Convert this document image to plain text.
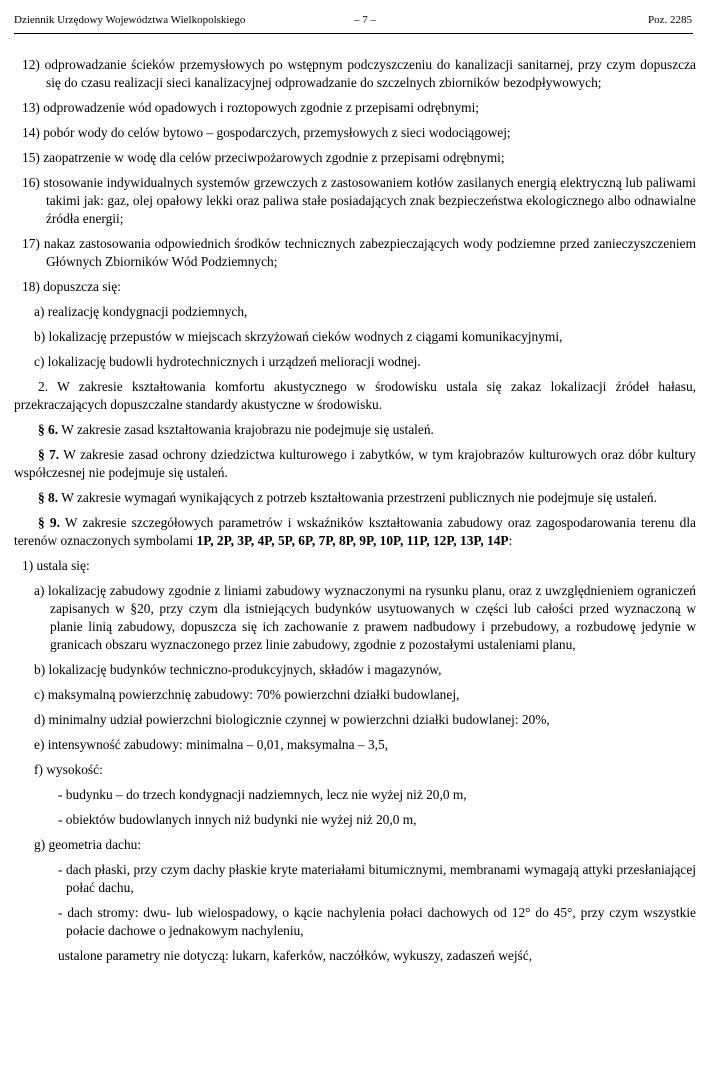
Dziennik Urzędowy Województwa Wielkopolskiego	– 7 –	Poz. 2285

12) odprowadzanie ścieków przemysłowych po wstępnym podczyszczeniu do kanalizacji sanitarnej, przy czym dopuszcza się do czasu realizacji sieci kanalizacyjnej odprowadzanie do szczelnych zbiorników bezodpływowych;

13) odprowadzenie wód opadowych i roztopowych zgodnie z przepisami odrębnymi;

14) pobór wody do celów bytowo – gospodarczych, przemysłowych z sieci wodociągowej;

15) zaopatrzenie w wodę dla celów przeciwpożarowych zgodnie z przepisami odrębnymi;

16) stosowanie indywidualnych systemów grzewczych z zastosowaniem kotłów zasilanych energią elektryczną lub paliwami takimi jak: gaz, olej opałowy lekki oraz paliwa stałe posiadających znak bezpieczeństwa ekologicznego albo odnawialne źródła energii;

17) nakaz zastosowania odpowiednich środków technicznych zabezpieczających wody podziemne przed zanieczyszczeniem Głównych Zbiorników Wód Podziemnych;

18) dopuszcza się:

a) realizację kondygnacji podziemnych,

b) lokalizację przepustów w miejscach skrzyżowań cieków wodnych z ciągami komunikacyjnymi,

c) lokalizację budowli hydrotechnicznych i urządzeń melioracji wodnej.

2. W zakresie kształtowania komfortu akustycznego w środowisku ustala się zakaz lokalizacji źródeł hałasu, przekraczających dopuszczalne standardy akustyczne w środowisku.

§ 6. W zakresie zasad kształtowania krajobrazu nie podejmuje się ustaleń.

§ 7. W zakresie zasad ochrony dziedzictwa kulturowego i zabytków, w tym krajobrazów kulturowych oraz dóbr kultury współczesnej nie podejmuje się ustaleń.

§ 8. W zakresie wymagań wynikających z potrzeb kształtowania przestrzeni publicznych nie podejmuje się ustaleń.

§ 9. W zakresie szczegółowych parametrów i wskaźników kształtowania zabudowy oraz zagospodarowania terenu dla terenów oznaczonych symbolami 1P, 2P, 3P, 4P, 5P, 6P, 7P, 8P, 9P, 10P, 11P, 12P, 13P, 14P:

1) ustala się:

a) lokalizację zabudowy zgodnie z liniami zabudowy wyznaczonymi na rysunku planu, oraz z uwzględnieniem ograniczeń zapisanych w §20, przy czym dla istniejących budynków usytuowanych w części lub całości przed wyznaczoną w planie linią zabudowy, dopuszcza się ich zachowanie z prawem nadbudowy i przebudowy, a rozbudowę jedynie w granicach obszaru wyznaczonego przez linie zabudowy, zgodnie z pozostałymi ustaleniami planu,

b) lokalizację budynków techniczno-produkcyjnych, składów i magazynów,

c) maksymalną powierzchnię zabudowy: 70% powierzchni działki budowlanej,

d) minimalny udział powierzchni biologicznie czynnej w powierzchni działki budowlanej: 20%,

e) intensywność zabudowy: minimalna – 0,01, maksymalna – 3,5,

f) wysokość:

- budynku – do trzech kondygnacji nadziemnych, lecz nie wyżej niż 20,0 m,

- obiektów budowlanych innych niż budynki nie wyżej niż 20,0 m,

g) geometria dachu:

- dach płaski, przy czym dachy płaskie kryte materiałami bitumicznymi, membranami wymagają attyki przesłaniającej połać dachu,

- dach stromy: dwu- lub wielospadowy, o kącie nachylenia połaci dachowych od 12° do 45°, przy czym wszystkie połacie dachowe o jednakowym nachyleniu,

ustalone parametry nie dotyczą: lukarn, kaferków, naczółków, wykuszy, zadaszeń wejść,
